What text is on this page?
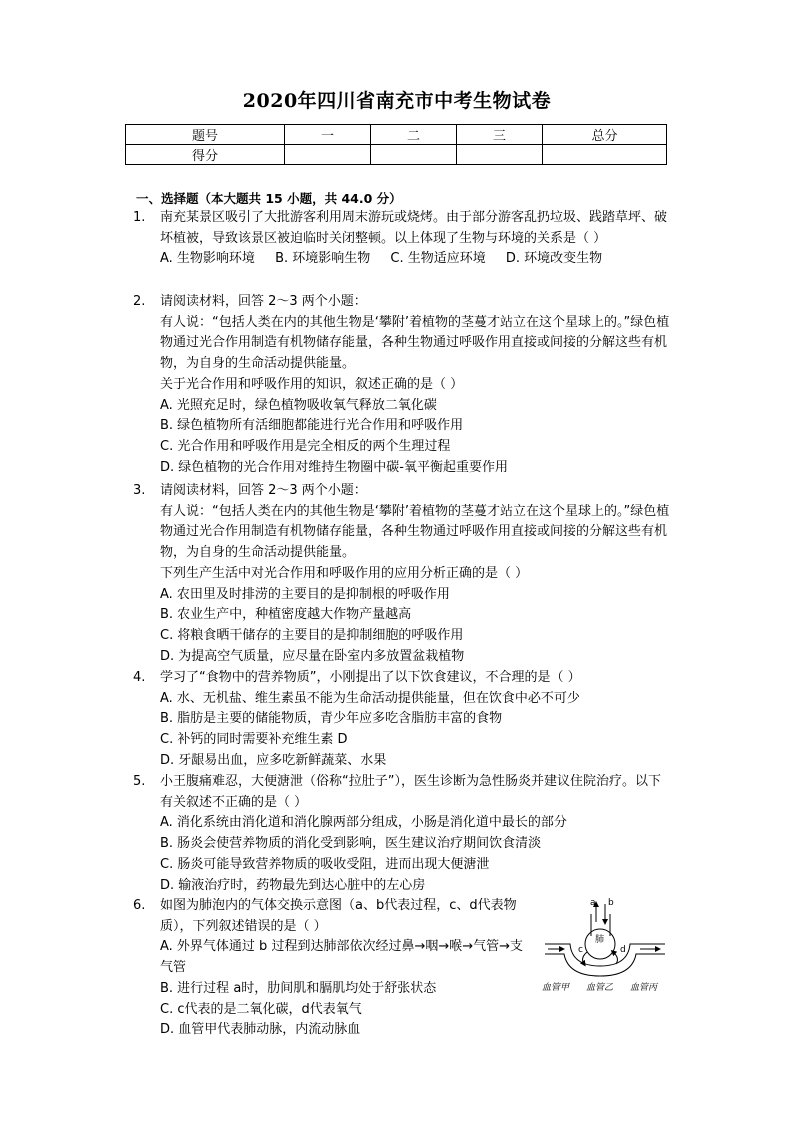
2020年四川省南充市中考生物试卷
题号	一	二	三	总分
得分				
一、选择题（本大题共 15 小题，共 44.0 分）
1.	南充某景区吸引了大批游客利用周末游玩或烧烤。由于部分游客乱扔垃圾、践踏草坪、破坏植被，导致该景区被迫临时关闭整顿。以上体现了生物与环境的关系是（ ）
A. 生物影响环境 B. 环境影响生物 C. 生物适应环境 D. 环境改变生物
2.	请阅读材料，回答 2～3 两个小题：
有人说：“包括人类在内的其他生物是‘攀附’着植物的茎蔓才站立在这个星球上的。”绿色植物通过光合作用制造有机物储存能量，各种生物通过呼吸作用直接或间接的分解这些有机物，为自身的生命活动提供能量。
关于光合作用和呼吸作用的知识，叙述正确的是（ ）
A. 光照充足时，绿色植物吸收氧气释放二氧化碳
B. 绿色植物所有活细胞都能进行光合作用和呼吸作用
C. 光合作用和呼吸作用是完全相反的两个生理过程
D. 绿色植物的光合作用对维持生物圈中碳-氧平衡起重要作用
3.	请阅读材料，回答 2～3 两个小题：
有人说：“包括人类在内的其他生物是‘攀附’着植物的茎蔓才站立在这个星球上的。”绿色植物通过光合作用制造有机物储存能量，各种生物通过呼吸作用直接或间接的分解这些有机物，为自身的生命活动提供能量。
下列生产生活中对光合作用和呼吸作用的应用分析正确的是（ ）
A. 农田里及时排涝的主要目的是抑制根的呼吸作用
B. 农业生产中，种植密度越大作物产量越高
C. 将粮食晒干储存的主要目的是抑制细胞的呼吸作用
D. 为提高空气质量，应尽量在卧室内多放置盆栽植物
4.	学习了“食物中的营养物质”，小刚提出了以下饮食建议，不合理的是（ ）
A. 水、无机盐、维生素虽不能为生命活动提供能量，但在饮食中必不可少
B. 脂肪是主要的储能物质，青少年应多吃含脂肪丰富的食物
C. 补钙的同时需要补充维生素 D
D. 牙龈易出血，应多吃新鲜蔬菜、水果
5.	小王腹痛难忍，大便溏泄（俗称“拉肚子”），医生诊断为急性肠炎并建议住院治疗。以下有关叙述不正确的是（ ）
A. 消化系统由消化道和消化腺两部分组成，小肠是消化道中最长的部分
B. 肠炎会使营养物质的消化受到影响，医生建议治疗期间饮食清淡
C. 肠炎可能导致营养物质的吸收受阻，进而出现大便溏泄
D. 输液治疗时，药物最先到达心脏中的左心房
6.	如图为肺泡内的气体交换示意图（a、b代表过程，c、d代表物质），下列叙述错误的是（ ）
A. 外界气体通过 b 过程到达肺部依次经过鼻→咽→喉→气管→支气管
B. 进行过程 a时，肋间肌和膈肌均处于舒张状态
C. c代表的是二氧化碳，d代表氧气
D. 血管甲代表肺动脉，内流动脉血
a b
肺
c	d
血管甲 血管乙 血管丙
